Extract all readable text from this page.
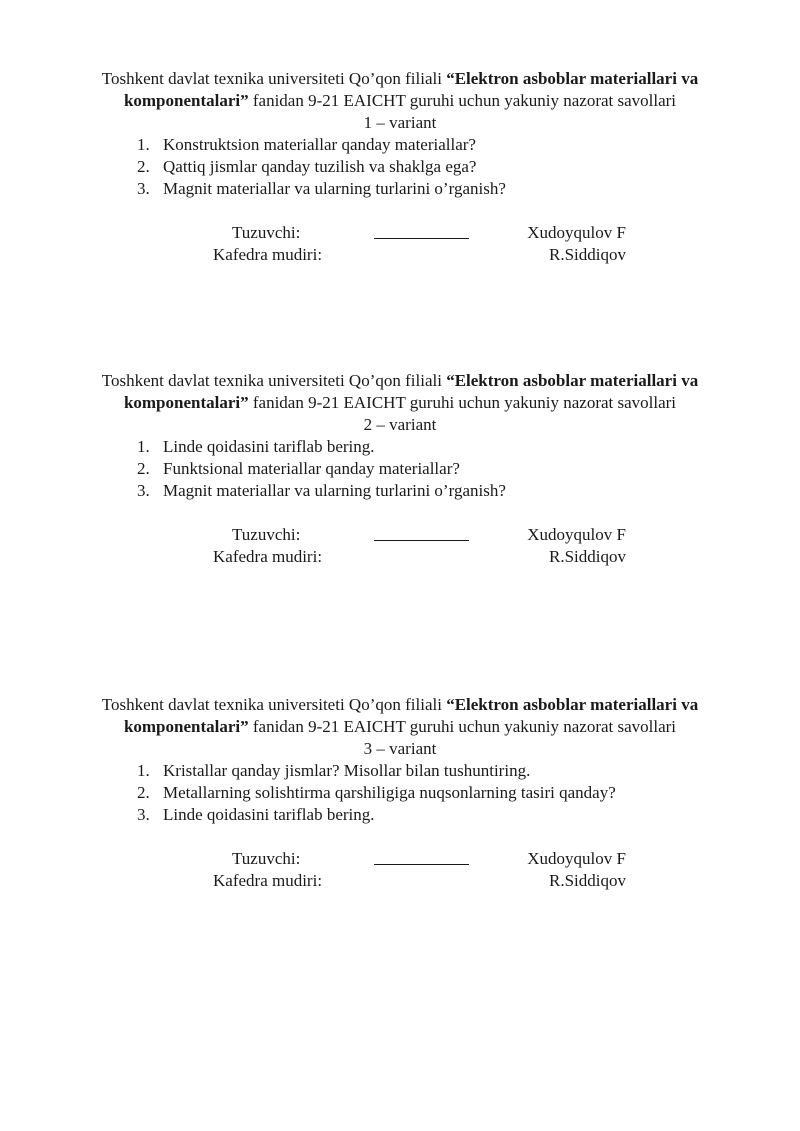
Toshkent davlat texnika universiteti Qo’qon filiali “Elektron asboblar materiallari va komponentalari” fanidan 9-21 EAICHT guruhi uchun yakuniy nazorat savollari
1 – variant
1. Konstruktsion materiallar qanday materiallar?
2. Qattiq jismlar qanday tuzilish va shaklga ega?
3. Magnit materiallar va ularning turlarini o’rganish?
Tuzuvchi:	Xudoyqulov F
Kafedra mudiri:	R.Siddiqov
Toshkent davlat texnika universiteti Qo’qon filiali “Elektron asboblar materiallari va komponentalari” fanidan 9-21 EAICHT guruhi uchun yakuniy nazorat savollari
2 – variant
1. Linde qoidasini tariflab bering.
2. Funktsional materiallar qanday materiallar?
3. Magnit materiallar va ularning turlarini o’rganish?
Tuzuvchi:	Xudoyqulov F
Kafedra mudiri:	R.Siddiqov
Toshkent davlat texnika universiteti Qo’qon filiali “Elektron asboblar materiallari va komponentalari” fanidan 9-21 EAICHT guruhi uchun yakuniy nazorat savollari
3 – variant
1. Kristallar qanday jismlar? Misollar bilan tushuntiring.
2. Metallarning solishtirma qarshiligiga nuqsonlarning tasiri qanday?
3. Linde qoidasini tariflab bering.
Tuzuvchi:	Xudoyqulov F
Kafedra mudiri:	R.Siddiqov
